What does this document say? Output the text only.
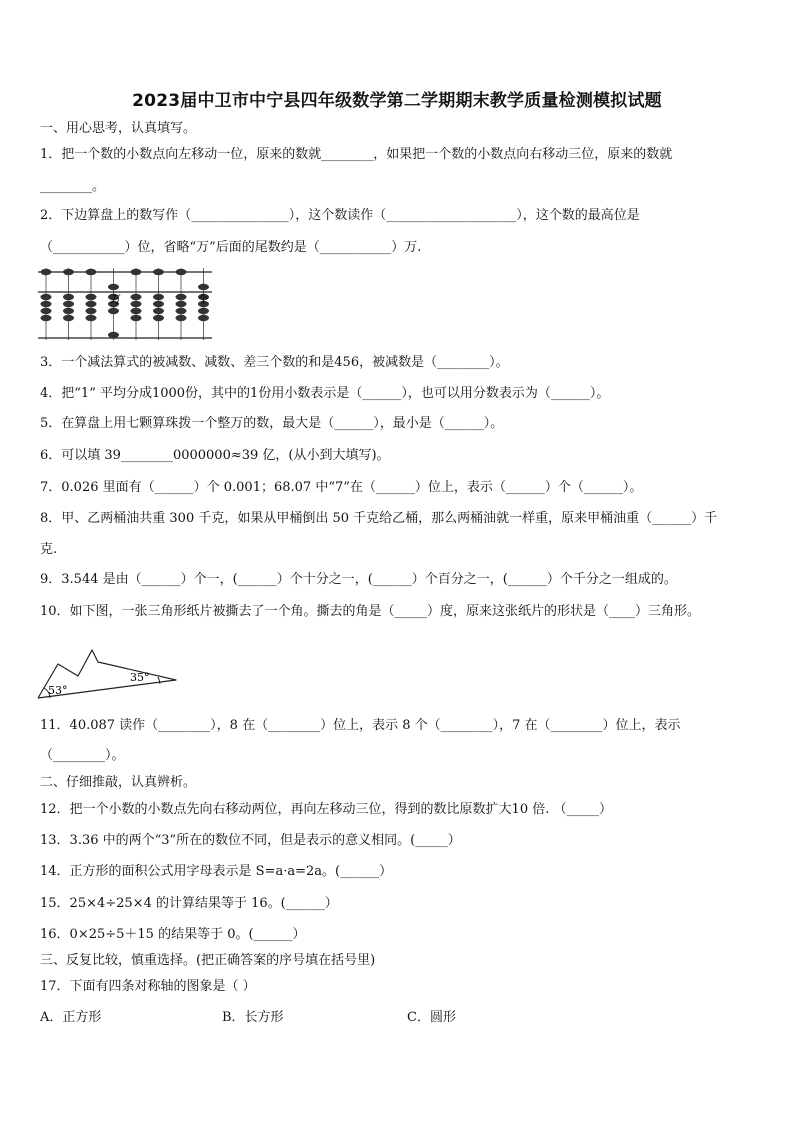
2023届中卫市中宁县四年级数学第二学期期末教学质量检测模拟试题
一、用心思考，认真填写。
1．把一个数的小数点向左移动一位，原来的数就________，如果把一个数的小数点向右移动三位，原来的数就
________。
2．下边算盘上的数写作（_______________），这个数读作（____________________），这个数的最高位是
（___________）位，省略“万”后面的尾数约是（___________）万.
万	个
3．一个减法算式的被减数、减数、差三个数的和是456，被减数是（________）。
4．把“1” 平均分成1000份，其中的1份用小数表示是（______），也可以用分数表示为（______）。
5．在算盘上用七颗算珠拨一个整万的数，最大是（______），最小是（______）。
6．可以填 39________0000000≈39 亿，(从小到大填写)。
7．0.026 里面有（______）个 0.001；68.07 中“7”在（______）位上，表示（______）个（______）。
8．甲、乙两桶油共重 300 千克，如果从甲桶倒出 50 千克给乙桶，那么两桶油就一样重，原来甲桶油重（______）千
克.
9．3.544 是由（______）个一，(______）个十分之一，(______）个百分之一，(______）个千分之一组成的。
10．如下图，一张三角形纸片被撕去了一个角。撕去的角是（_____）度，原来这张纸片的形状是（____）三角形。
53°
35°
11．40.087 读作（________），8 在（________）位上，表示 8 个（________），7 在（________）位上，表示
（________）。
二、仔细推敲，认真辨析。
12．把一个小数的小数点先向右移动两位，再向左移动三位，得到的数比原数扩大10 倍. （_____）
13．3.36 中的两个“3”所在的数位不同，但是表示的意义相同。(_____）
14．正方形的面积公式用字母表示是 S=a·a=2a。(______）
15．25×4÷25×4 的计算结果等于 16。(______）
16．0×25÷5＋15 的结果等于 0。(______）
三、反复比较，慎重选择。(把正确答案的序号填在括号里)
17．下面有四条对称轴的图象是（ ）
A．正方形	B．长方形	C．圆形
